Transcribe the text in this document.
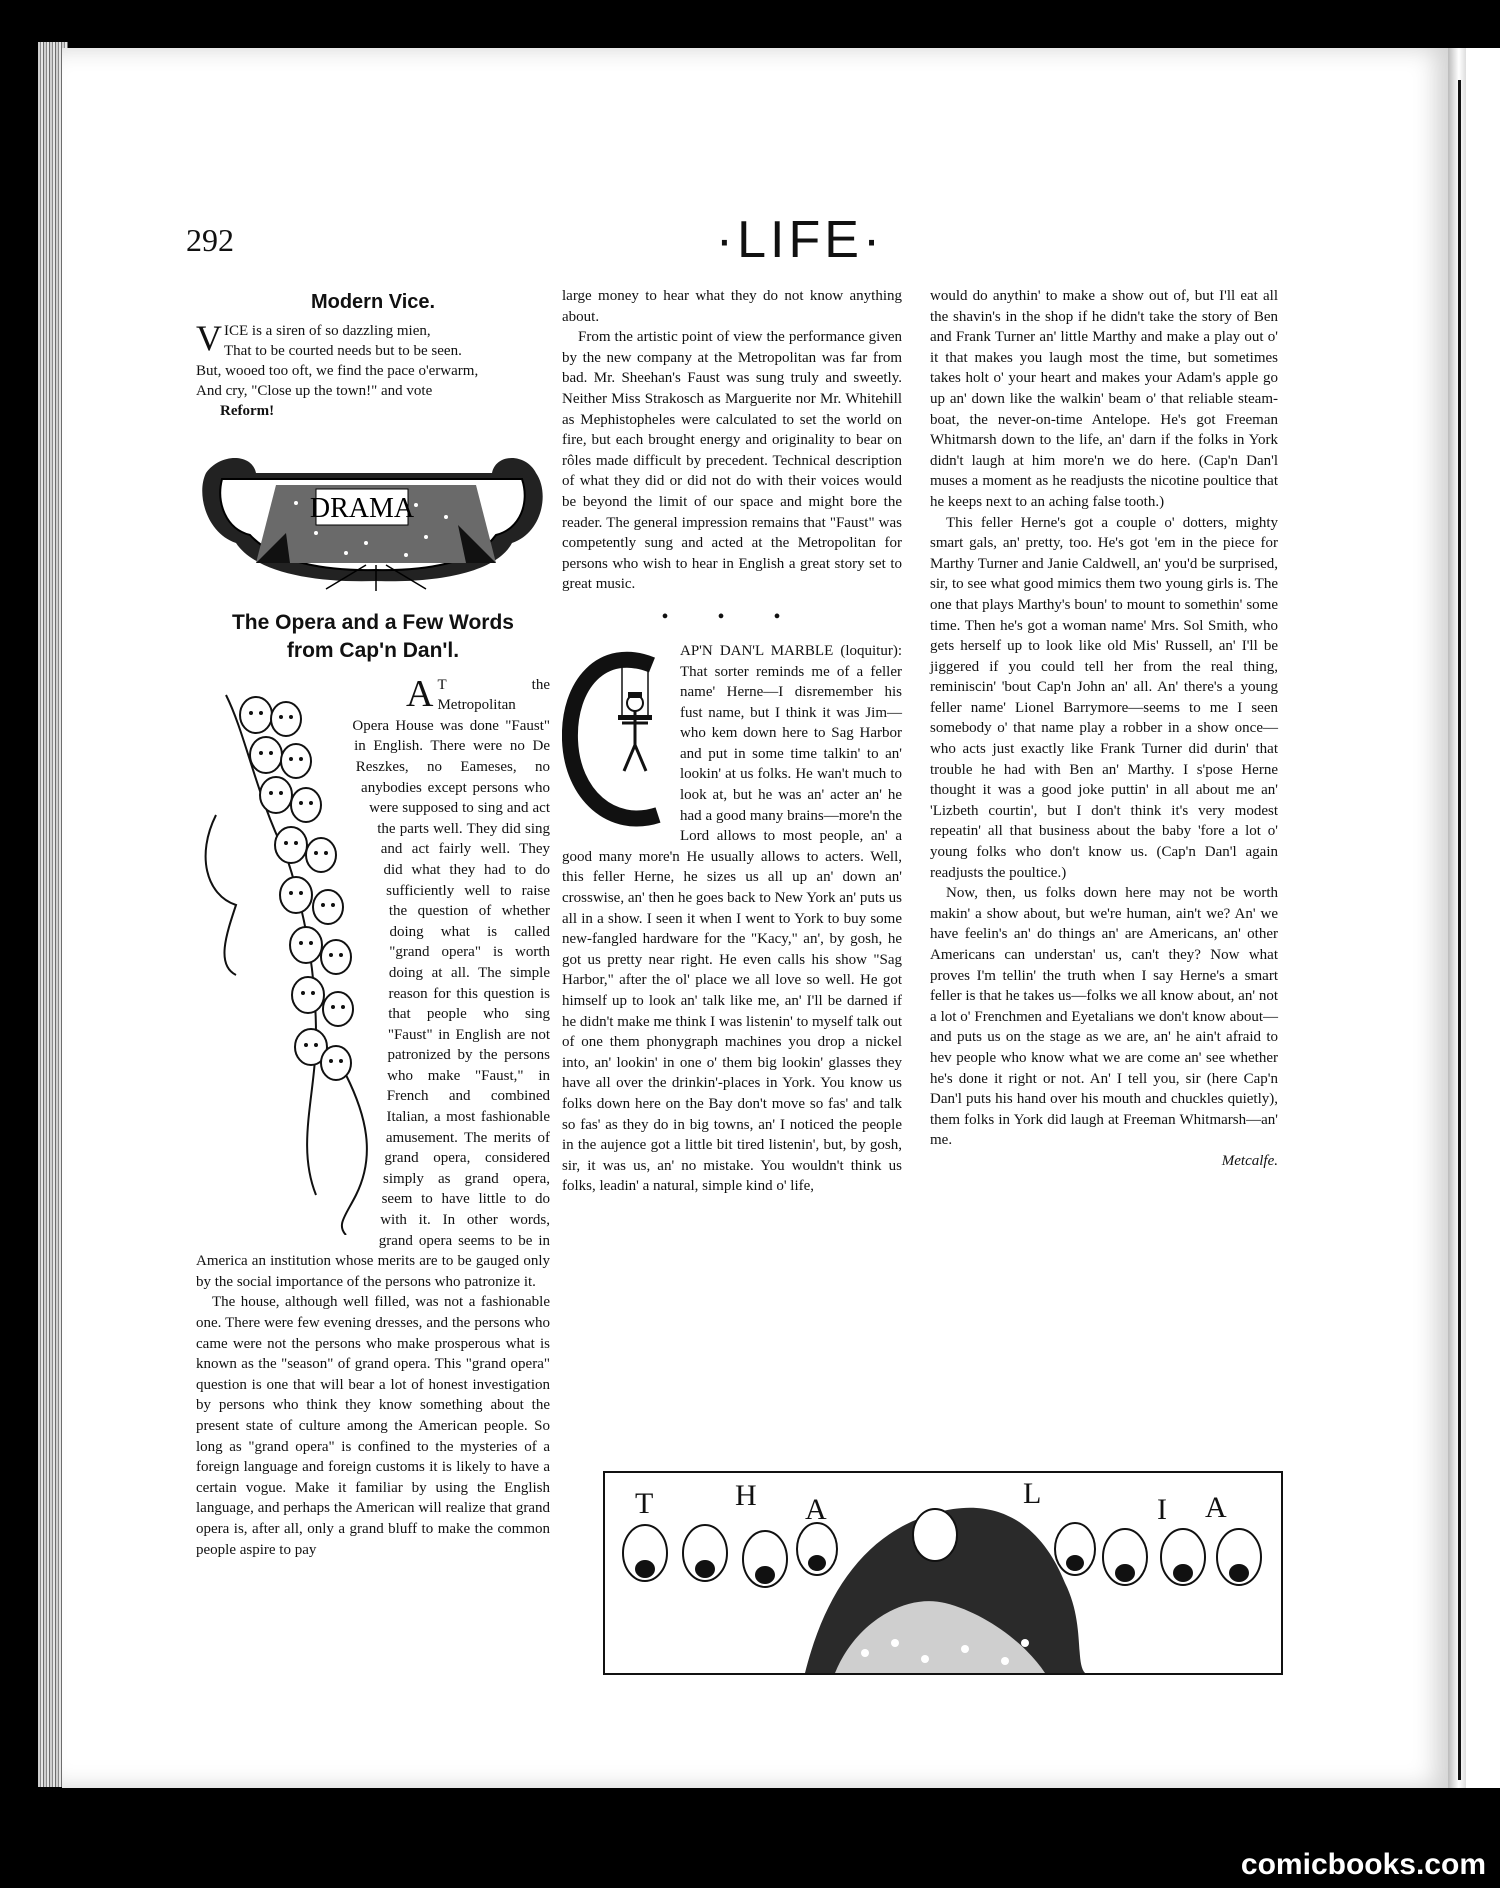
292	·LIFE·
Modern Vice.
V ICE is a siren of so dazzling mien,
That to be courted needs but to be seen.
But, wooed too oft, we find the pace o'erwarm,
And cry, "Close up the town!" and vote
Reform!
DRAMA
The Opera and a Few Words
from Cap'n Dan'l.

A T the Metropolitan Opera House was done "Faust" in English. There were no De Reszkes, no Eameses, no anybodies except persons who were supposed to sing and act the parts well. They did sing and act fairly well. They did what they had to do sufficiently well to raise the question of whether doing what is called "grand opera" is worth doing at all. The simple reason for this question is that people who sing "Faust" in English are not patronized by the persons who make "Faust," in French and combined Italian, a most fashionable amusement. The merits of grand opera, considered simply as grand opera, seem to have little to do with it. In other words, grand opera seems to be in America an institution whose merits are to be gauged only by the social importance of the persons who patronize it.

The house, although well filled, was not a fashionable one. There were few evening dresses, and the persons who came were not the persons who make prosperous what is known as the "season" of grand opera. This "grand opera" question is one that will bear a lot of honest investigation by persons who think they know something about the present state of culture among the American people. So long as "grand opera" is confined to the mysteries of a foreign language and foreign customs it is likely to have a certain vogue. Make it familiar by using the English language, and perhaps the American will realize that grand opera is, after all, only a grand bluff to make the common people aspire to pay

large money to hear what they do not know anything about.

From the artistic point of view the performance given by the new company at the Metropolitan was far from bad. Mr. Sheehan's Faust was sung truly and sweetly. Neither Miss Strakosch as Marguerite nor Mr. Whitehill as Mephistopheles were calculated to set the world on fire, but each brought energy and originality to bear on rôles made difficult by precedent. Technical description of what they did or did not do with their voices would be beyond the limit of our space and might bore the reader. The general impression remains that "Faust" was competently sung and acted at the Metropolitan for persons who wish to hear in English a great story set to great music.

• • •

AP'N DAN'L MARBLE (loquitur): That sorter reminds me of a feller name' Herne—I disremember his fust name, but I think it was Jim—who kem down here to Sag Harbor and put in some time talkin' to an' lookin' at us folks. He wan't much to look at, but he was an' acter an' he had a good many brains—more'n the Lord allows to most people, an' a good many more'n He usually allows to acters. Well, this feller Herne, he sizes us all up an' down an' crosswise, an' then he goes back to New York an' puts us all in a show. I seen it when I went to York to buy some new-fangled hardware for the "Kacy," an', by gosh, he got us pretty near right. He even calls his show "Sag Harbor," after the ol' place we all love so well. He got himself up to look an' talk like me, an' I'll be darned if he didn't make me think I was listenin' to myself talk out of one them phonygraph machines you drop a nickel into, an' lookin' in one o' them big lookin' glasses they have all over the drinkin'-places in York. You know us folks down here on the Bay don't move so fas' and talk so fas' as they do in big towns, an' I noticed the people in the aujence got a little bit tired listenin', but, by gosh, sir, it was us, an' no mistake. You wouldn't think us folks, leadin' a natural, simple kind o' life,

would do anythin' to make a show out of, but I'll eat all the shavin's in the shop if he didn't take the story of Ben and Frank Turner an' little Marthy and make a play out o' it that makes you laugh most the time, but sometimes takes holt o' your heart and makes your Adam's apple go up an' down like the walkin' beam o' that reliable steam-boat, the never-on-time Antelope. He's got Freeman Whitmarsh down to the life, an' darn if the folks in York didn't laugh at him more'n we do here. (Cap'n Dan'l muses a moment as he readjusts the nicotine poultice that he keeps next to an aching false tooth.)

This feller Herne's got a couple o' dotters, mighty smart gals, an' pretty, too. He's got 'em in the piece for Marthy Turner and Janie Caldwell, an' you'd be surprised, sir, to see what good mimics them two young girls is. The one that plays Marthy's boun' to mount to somethin' some time. Then he's got a woman name' Mrs. Sol Smith, who gets herself up to look like old Mis' Russell, an' I'll be jiggered if you could tell her from the real thing, reminiscin' 'bout Cap'n John an' all. An' there's a young feller name' Lionel Barrymore—seems to me I seen somebody o' that name play a robber in a show once—who acts just exactly like Frank Turner did durin' that trouble he had with Ben an' Marthy. I s'pose Herne thought it was a good joke puttin' in all about me an' 'Lizbeth courtin', but I don't think it's very modest repeatin' all that business about the baby 'fore a lot o' young folks who don't know us. (Cap'n Dan'l again readjusts the poultice.)

Now, then, us folks down here may not be worth makin' a show about, but we're human, ain't we? An' we have feelin's an' do things an' are Americans, an' other Americans can understan' us, can't they? Now what proves I'm tellin' the truth when I say Herne's a smart feller is that he takes us—folks we all know about, an' not a lot o' Frenchmen and Eyetalians we don't know about—and puts us on the stage as we are, an' he ain't afraid to hev people who know what we are come an' see whether he's done it right or not. An' I tell you, sir (here Cap'n Dan'l puts his hand over his mouth and chuckles quietly), them folks in York did laugh at Freeman Whitmarsh—an' me.

Metcalfe.
T	H A	L	I A
comicbooks.com
